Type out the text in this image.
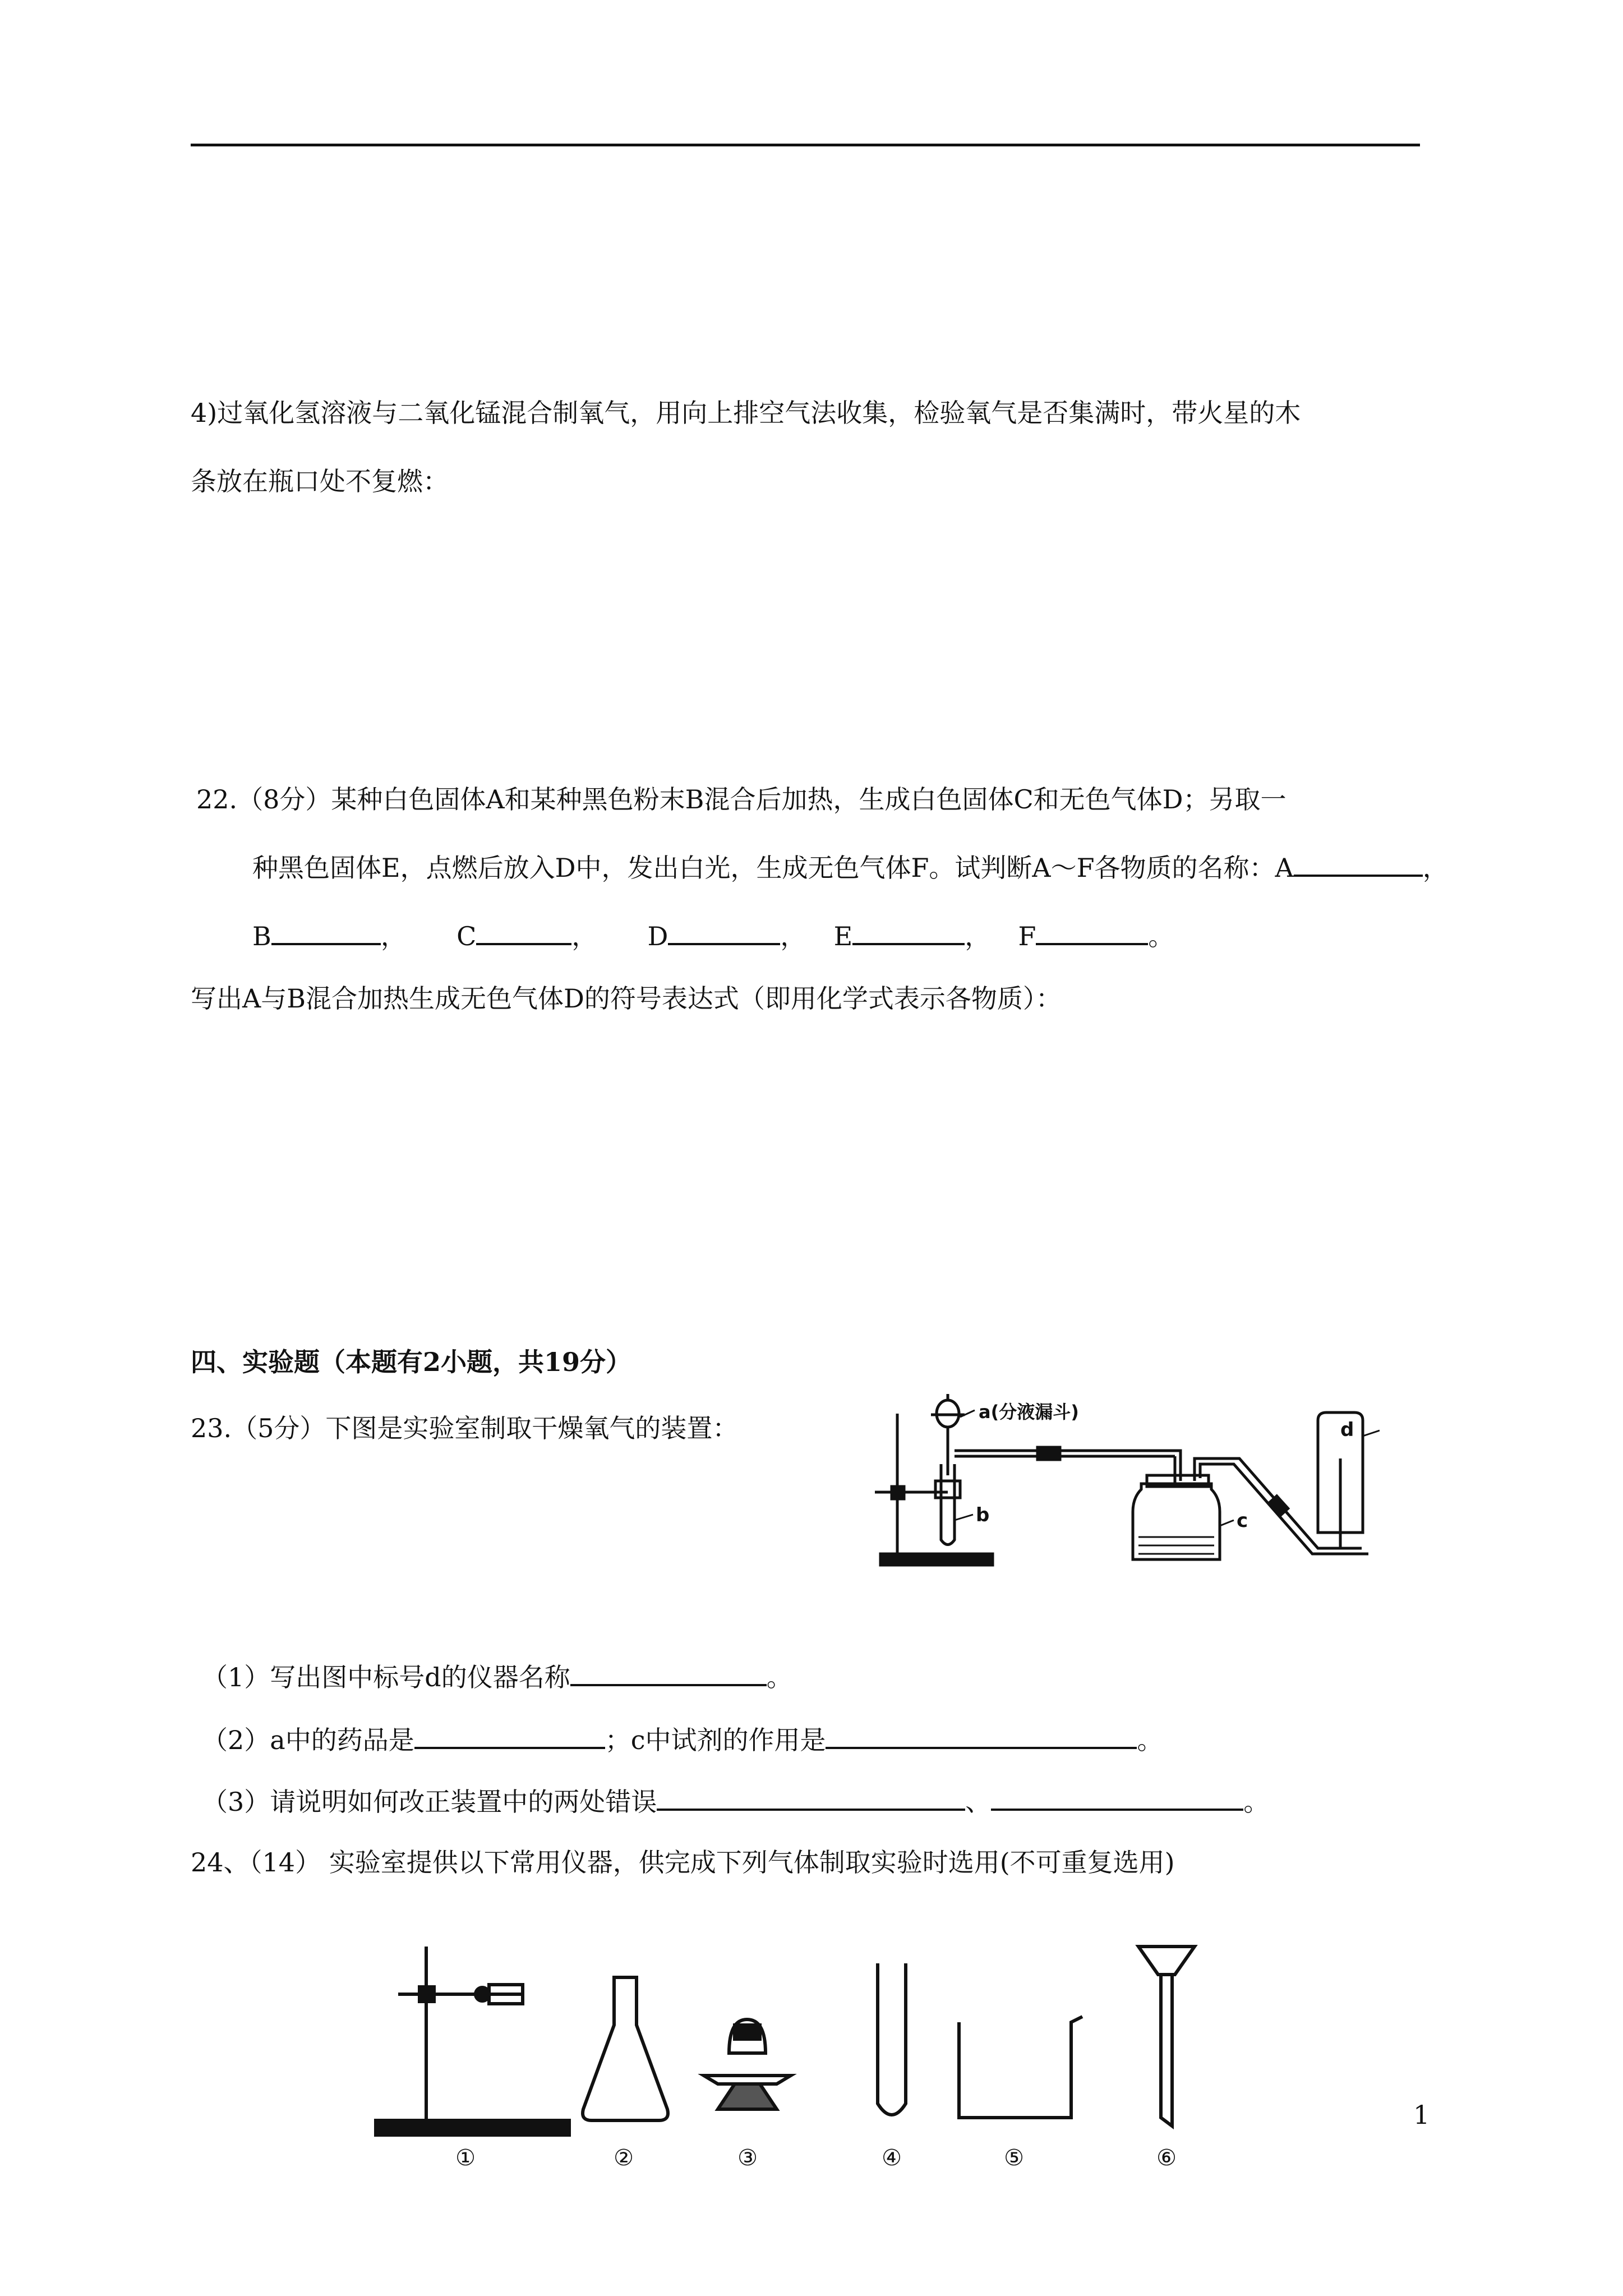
4)过氧化氢溶液与二氧化锰混合制氧气，用向上排空气法收集，检验氧气是否集满时，带火星的木
条放在瓶口处不复燃：
22.（8分）某种白色固体A和某种黑色粉末B混合后加热，生成白色固体C和无色气体D；另取一
种黑色固体E，点燃后放入D中，发出白光，生成无色气体F。试判断A～F各物质的名称：A	，
B	， C	， D	， E	， F	。
写出A与B混合加热生成无色气体D的符号表达式（即用化学式表示各物质）：
四、实验题（本题有2小题，共19分）
23.（5分）下图是实验室制取干燥氧气的装置：
a(分液漏斗)
b	c
d
（1）写出图中标号d的仪器名称	。
（2）a中的药品是	；c中试剂的作用是	。
（3）请说明如何改正装置中的两处错误	、	。
24、（14） 实验室提供以下常用仪器，供完成下列气体制取实验时选用(不可重复选用)
①	②	③	④	⑤	⑥
1
